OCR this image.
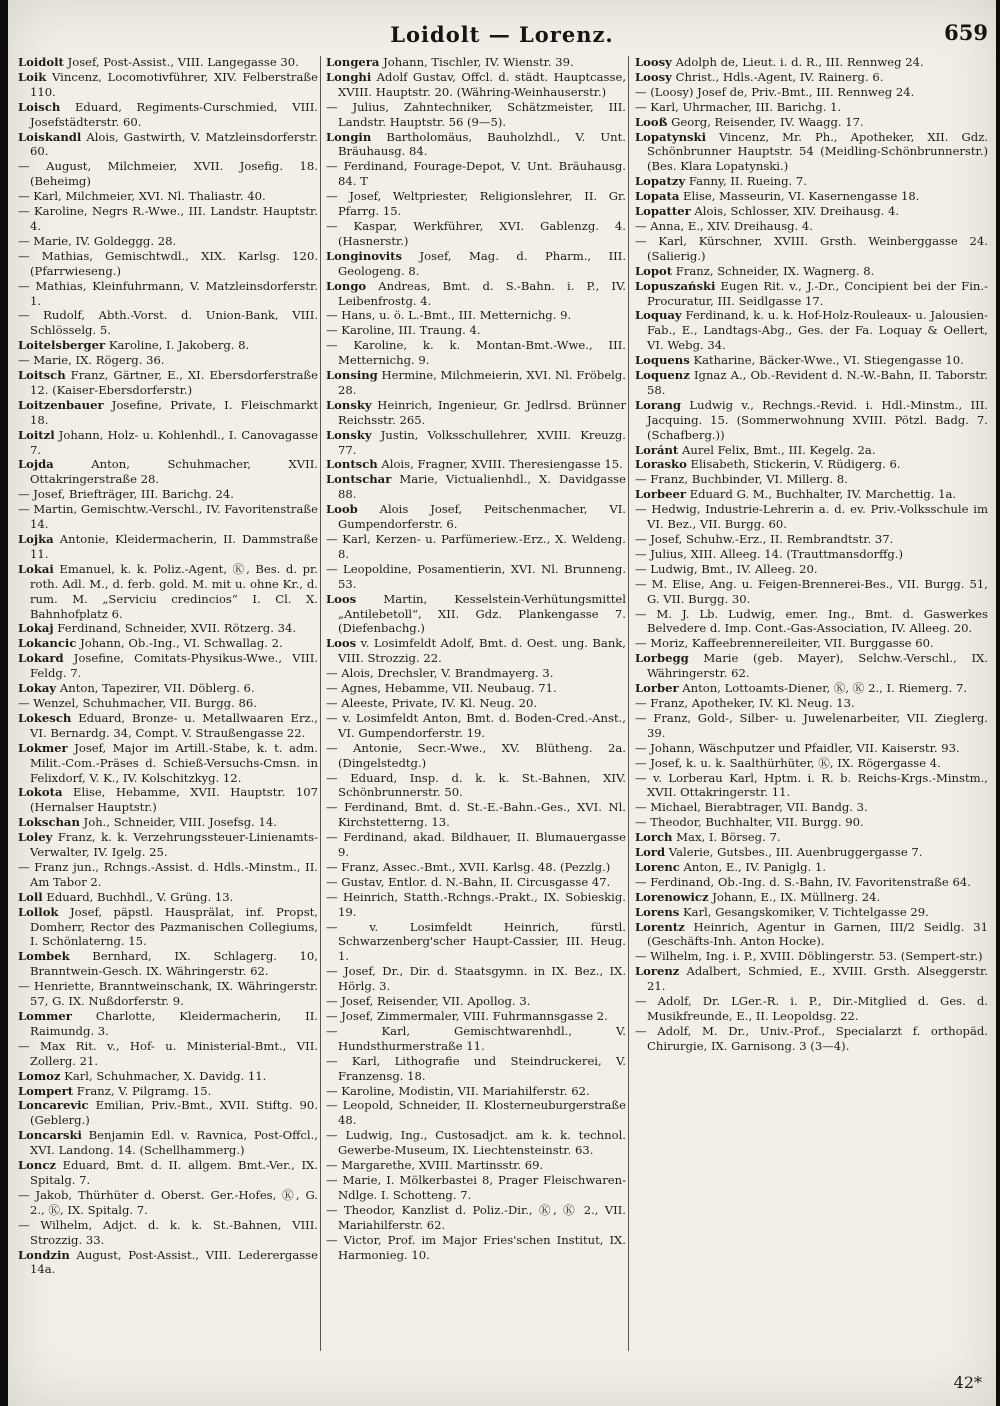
Loidolt — Lorenz.	659
Loidolt Josef, Post-Assist., VIII. Langegasse 30.
Loik Vincenz, Locomotivführer, XIV. Felberstraße 110.
Loisch Eduard, Regiments-Curschmied, VIII. Josefstädterstr. 60.
Loiskandl Alois, Gastwirth, V. Matzleinsdorferstr. 60.
— August, Milchmeier, XVII. Josefig. 18. (Beheimg)
— Karl, Milchmeier, XVI. Nl. Thaliastr. 40.
— Karoline, Negrs R.-Wwe., III. Landstr. Hauptstr. 4.
— Marie, IV. Goldeggg. 28.
— Mathias, Gemischtwdl., XIX. Karlsg. 120. (Pfarrwieseng.)
— Mathias, Kleinfuhrmann, V. Matzleinsdorferstr. 1.
— Rudolf, Abth.-Vorst. d. Union-Bank, VIII. Schlösselg. 5.
Loitelsberger Karoline, I. Jakoberg. 8.
— Marie, IX. Rögerg. 36.
Loitsch Franz, Gärtner, E., XI. Ebersdorferstraße 12. (Kaiser-Ebersdorferstr.)
Loitzenbauer Josefine, Private, I. Fleischmarkt 18.
Loitzl Johann, Holz- u. Kohlenhdl., I. Canovagasse 7.
Lojda Anton, Schuhmacher, XVII. Ottakringerstraße 28.
— Josef, Briefträger, III. Barichg. 24.
— Martin, Gemischtw.-Verschl., IV. Favoritenstraße 14.
Lojka Antonie, Kleidermacherin, II. Dammstraße 11.
Lokai Emanuel, k. k. Poliz.-Agent, Ⓚ, Bes. d. pr. roth. Adl. M., d. ferb. gold. M. mit u. ohne Kr., d. rum. M. „Serviciu credincios“ I. Cl. X. Bahnhofplatz 6.
Lokaj Ferdinand, Schneider, XVII. Rötzerg. 34.
Lokancic Johann, Ob.-Ing., VI. Schwallag. 2.
Lokard Josefine, Comitats-Physikus-Wwe., VIII. Feldg. 7.
Lokay Anton, Tapezirer, VII. Döblerg. 6.
— Wenzel, Schuhmacher, VII. Burgg. 86.
Lokesch Eduard, Bronze- u. Metallwaaren Erz., VI. Bernardg. 34, Compt. V. Straußengasse 22.
Lokmer Josef, Major im Artill.-Stabe, k. t. adm. Milit.-Com.-Präses d. Schieß-Versuchs-Cmsn. in Felixdorf, V. K., IV. Kolschitzkyg. 12.
Lokota Elise, Hebamme, XVII. Hauptstr. 107 (Hernalser Hauptstr.)
Lokschan Joh., Schneider, VIII. Josefsg. 14.
Loley Franz, k. k. Verzehrungssteuer-Linienamts-Verwalter, IV. Igelg. 25.
— Franz jun., Rchngs.-Assist. d. Hdls.-Minstm., II. Am Tabor 2.
Loll Eduard, Buchhdl., V. Grüng. 13.
Lollok Josef, päpstl. Hausprälat, inf. Propst, Domherr, Rector des Pazmanischen Collegiums, I. Schönlaterng. 15.
Lombek Bernhard, IX. Schlagerg. 10, Branntwein-Gesch. IX. Währingerstr. 62.
— Henriette, Branntweinschank, IX. Währingerstr. 57, G. IX. Nußdorferstr. 9.
Lommer Charlotte, Kleidermacherin, II. Raimundg. 3.
— Max Rit. v., Hof- u. Ministerial-Bmt., VII. Zollerg. 21.
Lomoz Karl, Schuhmacher, X. Davidg. 11.
Lompert Franz, V. Pilgramg. 15.
Loncarevic Emilian, Priv.-Bmt., XVII. Stiftg. 90. (Geblerg.)
Loncarski Benjamin Edl. v. Ravnica, Post-Offcl., XVI. Landong. 14. (Schellhammerg.)
Loncz Eduard, Bmt. d. II. allgem. Bmt.-Ver., IX. Spitalg. 7.
— Jakob, Thürhüter d. Oberst. Ger.-Hofes, Ⓚ, G. 2., Ⓚ, IX. Spitalg. 7.
— Wilhelm, Adjct. d. k. k. St.-Bahnen, VIII. Strozzig. 33.
Londzin August, Post-Assist., VIII. Lederergasse 14a.
Longera Johann, Tischler, IV. Wienstr. 39.
Longhi Adolf Gustav, Offcl. d. städt. Hauptcasse, XVIII. Hauptstr. 20. (Währing-Weinhauserstr.)
— Julius, Zahntechniker, Schätzmeister, III. Landstr. Hauptstr. 56 (9—5).
Longin Bartholomäus, Bauholzhdl., V. Unt. Bräuhausg. 84.
— Ferdinand, Fourage-Depot, V. Unt. Bräuhausg. 84. T
— Josef, Weltpriester, Religionslehrer, II. Gr. Pfarrg. 15.
— Kaspar, Werkführer, XVI. Gablenzg. 4. (Hasnerstr.)
Longinovits Josef, Mag. d. Pharm., III. Geologeng. 8.
Longo Andreas, Bmt. d. S.-Bahn. i. P., IV. Leibenfrostg. 4.
— Hans, u. ö. L.-Bmt., III. Metternichg. 9.
— Karoline, III. Traung. 4.
— Karoline, k. k. Montan-Bmt.-Wwe., III. Metternichg. 9.
Lonsing Hermine, Milchmeierin, XVI. Nl. Fröbelg. 28.
Lonsky Heinrich, Ingenieur, Gr. Jedlrsd. Brünner Reichsstr. 265.
Lonsky Justin, Volksschullehrer, XVIII. Kreuzg. 77.
Lontsch Alois, Fragner, XVIII. Theresiengasse 15.
Lontschar Marie, Victualienhdl., X. Davidgasse 88.
Loob Alois Josef, Peitschenmacher, VI. Gumpendorferstr. 6.
— Karl, Kerzen- u. Parfümeriew.-Erz., X. Weldeng. 8.
— Leopoldine, Posamentierin, XVI. Nl. Brunneng. 53.
Loos Martin, Kesselstein-Verhütungsmittel „Antilebetoll“, XII. Gdz. Plankengasse 7. (Diefenbachg.)
Loos v. Losimfeldt Adolf, Bmt. d. Oest. ung. Bank, VIII. Strozzig. 22.
— Alois, Drechsler, V. Brandmayerg. 3.
— Agnes, Hebamme, VII. Neubaug. 71.
— Aleeste, Private, IV. Kl. Neug. 20.
— v. Losimfeldt Anton, Bmt. d. Boden-Cred.-Anst., VI. Gumpendorferstr. 19.
— Antonie, Secr.-Wwe., XV. Blütheng. 2a. (Dingelstedtg.)
— Eduard, Insp. d. k. k. St.-Bahnen, XIV. Schönbrunnerstr. 50.
— Ferdinand, Bmt. d. St.-E.-Bahn.-Ges., XVI. Nl. Kirchstetterng. 13.
— Ferdinand, akad. Bildhauer, II. Blumauergasse 9.
— Franz, Assec.-Bmt., XVII. Karlsg. 48. (Pezzlg.)
— Gustav, Entlor. d. N.-Bahn, II. Circusgasse 47.
— Heinrich, Statth.-Rchngs.-Prakt., IX. Sobieskig. 19.
— v. Losimfeldt Heinrich, fürstl. Schwarzenberg'scher Haupt-Cassier, III. Heug. 1.
— Josef, Dr., Dir. d. Staatsgymn. in IX. Bez., IX. Hörlg. 3.
— Josef, Reisender, VII. Apollog. 3.
— Josef, Zimmermaler, VIII. Fuhrmannsgasse 2.
— Karl, Gemischtwarenhdl., V. Hundsthurmerstraße 11.
— Karl, Lithografie und Steindruckerei, V. Franzensg. 18.
— Karoline, Modistin, VII. Mariahilferstr. 62.
— Leopold, Schneider, II. Klosterneuburgerstraße 48.
— Ludwig, Ing., Custosadjct. am k. k. technol. Gewerbe-Museum, IX. Liechtensteinstr. 63.
— Margarethe, XVIII. Martinsstr. 69.
— Marie, I. Mölkerbastei 8, Prager Fleischwaren-Ndlge. I. Schotteng. 7.
— Theodor, Kanzlist d. Poliz.-Dir., Ⓚ, Ⓚ 2., VII. Mariahilferstr. 62.
— Victor, Prof. im Major Fries'schen Institut, IX. Harmonieg. 10.
Loosy Adolph de, Lieut. i. d. R., III. Rennweg 24.
Loosy Christ., Hdls.-Agent, IV. Rainerg. 6.
— (Loosy) Josef de, Priv.-Bmt., III. Rennweg 24.
— Karl, Uhrmacher, III. Barichg. 1.
Looß Georg, Reisender, IV. Waagg. 17.
Lopatynski Vincenz, Mr. Ph., Apotheker, XII. Gdz. Schönbrunner Hauptstr. 54 (Meidling-Schönbrunnerstr.) (Bes. Klara Lopatynski.)
Lopatzy Fanny, II. Rueing. 7.
Lopata Elise, Masseurin, VI. Kasernengasse 18.
Lopatter Alois, Schlosser, XIV. Dreihausg. 4.
— Anna, E., XIV. Dreihausg. 4.
— Karl, Kürschner, XVIII. Grsth. Weinberggasse 24. (Salierig.)
Lopot Franz, Schneider, IX. Wagnerg. 8.
Lopuszański Eugen Rit. v., J.-Dr., Concipient bei der Fin.-Procuratur, III. Seidlgasse 17.
Loquay Ferdinand, k. u. k. Hof-Holz-Rouleaux- u. Jalousien-Fab., E., Landtags-Abg., Ges. der Fa. Loquay & Oellert, VI. Webg. 34.
Loquens Katharine, Bäcker-Wwe., VI. Stiegengasse 10.
Loquenz Ignaz A., Ob.-Revident d. N.-W.-Bahn, II. Taborstr. 58.
Lorang Ludwig v., Rechngs.-Revid. i. Hdl.-Minstm., III. Jacquing. 15. (Sommerwohnung XVIII. Pötzl. Badg. 7. (Schafberg.))
Loránt Aurel Felix, Bmt., III. Kegelg. 2a.
Lorasko Elisabeth, Stickerin, V. Rüdigerg. 6.
— Franz, Buchbinder, VI. Millerg. 8.
Lorbeer Eduard G. M., Buchhalter, IV. Marchettig. 1a.
— Hedwig, Industrie-Lehrerin a. d. ev. Priv.-Volksschule im VI. Bez., VII. Burgg. 60.
— Josef, Schuhw.-Erz., II. Rembrandtstr. 37.
— Julius, XIII. Alleeg. 14. (Trauttmansdorffg.)
— Ludwig, Bmt., IV. Alleeg. 20.
— M. Elise, Ang. u. Feigen-Brennerei-Bes., VII. Burgg. 51, G. VII. Burgg. 30.
— M. J. Lb. Ludwig, emer. Ing., Bmt. d. Gaswerkes Belvedere d. Imp. Cont.-Gas-Association, IV. Alleeg. 20.
— Moriz, Kaffeebrennereileiter, VII. Burggasse 60.
Lorbegg Marie (geb. Mayer), Selchw.-Verschl., IX. Währingerstr. 62.
Lorber Anton, Lottoamts-Diener, Ⓚ, Ⓚ 2., I. Riemerg. 7.
— Franz, Apotheker, IV. Kl. Neug. 13.
— Franz, Gold-, Silber- u. Juwelenarbeiter, VII. Zieglerg. 39.
— Johann, Wäschputzer und Pfaidler, VII. Kaiserstr. 93.
— Josef, k. u. k. Saalthürhüter, Ⓚ, IX. Rögergasse 4.
— v. Lorberau Karl, Hptm. i. R. b. Reichs-Krgs.-Minstm., XVII. Ottakringerstr. 11.
— Michael, Bierabtrager, VII. Bandg. 3.
— Theodor, Buchhalter, VII. Burgg. 90.
Lorch Max, I. Börseg. 7.
Lord Valerie, Gutsbes., III. Auenbruggergasse 7.
Lorenc Anton, E., IV. Paniglg. 1.
— Ferdinand, Ob.-Ing. d. S.-Bahn, IV. Favoritenstraße 64.
Lorenowicz Johann, E., IX. Müllnerg. 24.
Lorens Karl, Gesangskomiker, V. Tichtelgasse 29.
Lorentz Heinrich, Agentur in Garnen, III/2 Seidlg. 31 (Geschäfts-Inh. Anton Hocke).
— Wilhelm, Ing. i. P., XVIII. Döblingerstr. 53. (Sempert-str.)
Lorenz Adalbert, Schmied, E., XVIII. Grsth. Alseggerstr. 21.
— Adolf, Dr. LGer.-R. i. P., Dir.-Mitglied d. Ges. d. Musikfreunde, E., II. Leopoldsg. 22.
— Adolf, M. Dr., Univ.-Prof., Specialarzt f. orthopäd. Chirurgie, IX. Garnisong. 3 (3—4).
42*
